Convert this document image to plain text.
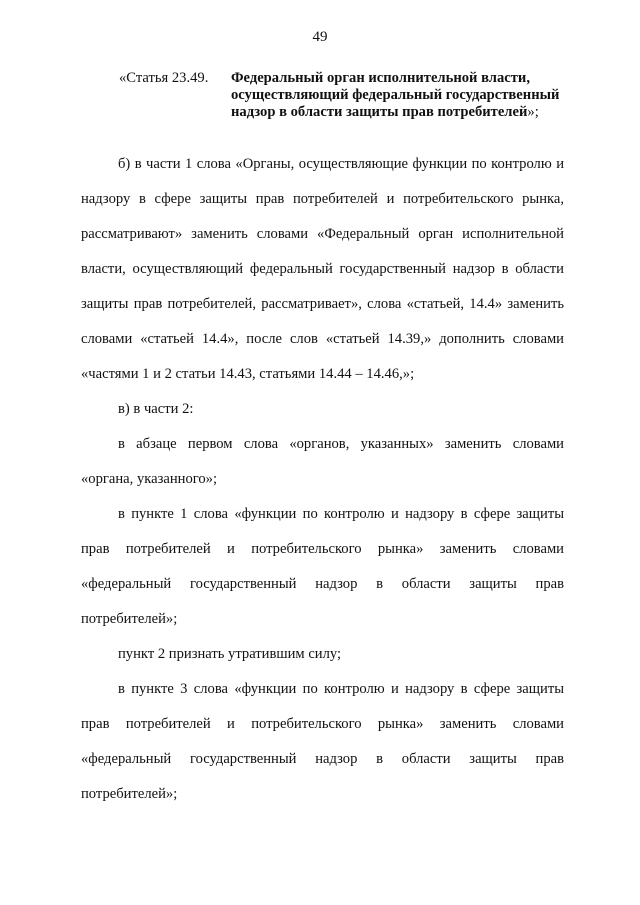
49
«Статья 23.49. Федеральный орган исполнительной власти, осуществляющий федеральный государственный надзор в области защиты прав потребителей»;

б) в части 1 слова «Органы, осуществляющие функции по контролю и надзору в сфере защиты прав потребителей и потребительского рынка, рассматривают» заменить словами «Федеральный орган исполнительной власти, осуществляющий федеральный государственный надзор в области защиты прав потребителей, рассматривает», слова «статьей, 14.4» заменить словами «статьей 14.4», после слов «статьей 14.39,» дополнить словами «частями 1 и 2 статьи 14.43, статьями 14.44 – 14.46,»;

в) в части 2:

в абзаце первом слова «органов, указанных» заменить словами «органа, указанного»;

в пункте 1 слова «функции по контролю и надзору в сфере защиты прав потребителей и потребительского рынка» заменить словами «федеральный государственный надзор в области защиты прав потребителей»;

пункт 2 признать утратившим силу;

в пункте 3 слова «функции по контролю и надзору в сфере защиты прав потребителей и потребительского рынка» заменить словами «федеральный государственный надзор в области защиты прав потребителей»;
